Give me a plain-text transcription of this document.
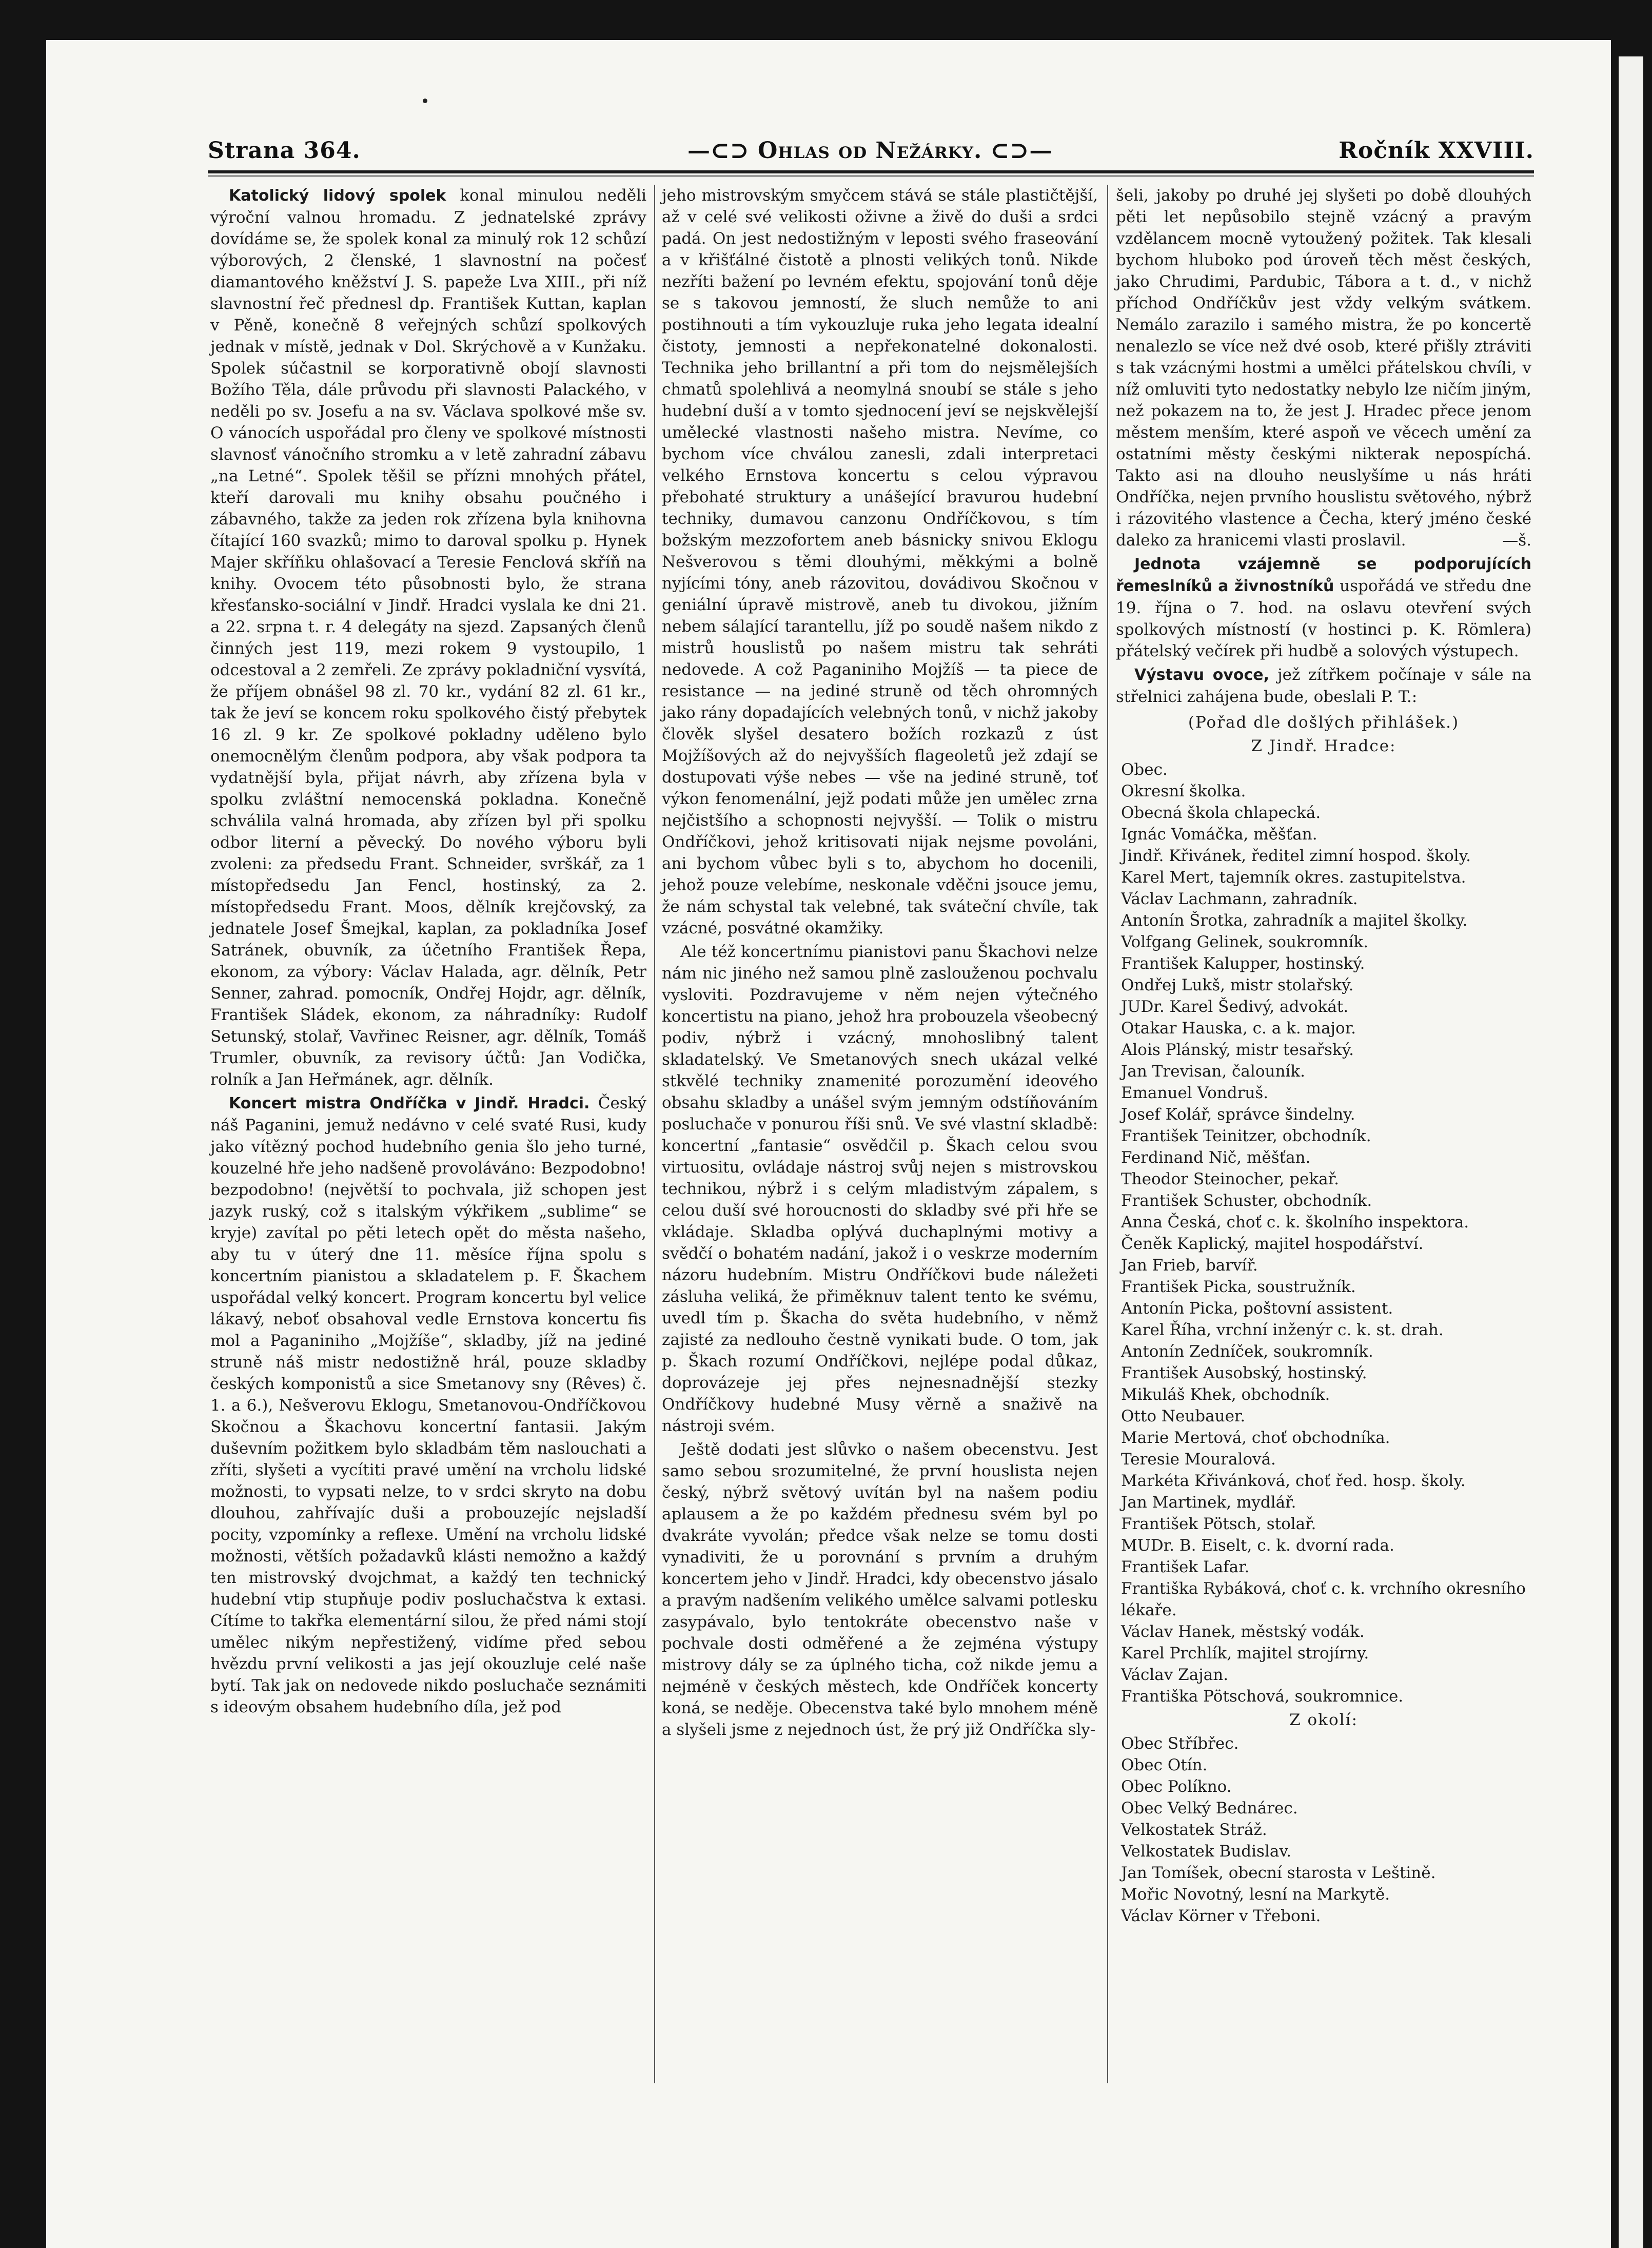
Strana 364.	—⊂⊃ Ohlas od Nežárky. ⊂⊃—	Ročník XXVIII.

Katolický lidový spolek konal minulou neděli výroční valnou hromadu. Z jednatelské zprávy dovídáme se, že spolek konal za minulý rok 12 schůzí výborových, 2 členské, 1 slavnostní na počesť diamantového kněžství J. S. papeže Lva XIII., při níž slavnostní řeč přednesl dp. František Kuttan, kaplan v Pěně, konečně 8 veřejných schůzí spolkových jednak v místě, jednak v Dol. Skrýchově a v Kunžaku. Spolek súčastnil se korporativně obojí slavnosti Božího Těla, dále průvodu při slavnosti Palackého, v neděli po sv. Josefu a na sv. Václava spolkové mše sv. O vánocích uspořádal pro členy ve spolkové místnosti slavnosť vánočního stromku a v letě zahradní zábavu „na Letné“. Spolek těšil se přízni mnohých přátel, kteří darovali mu knihy obsahu poučného i zábavného, takže za jeden rok zřízena byla knihovna čítající 160 svazků; mimo to daroval spolku p. Hynek Majer skříňku ohlašovací a Teresie Fenclová skříň na knihy. Ovocem této působnosti bylo, že strana křesťansko-sociální v Jindř. Hradci vyslala ke dni 21. a 22. srpna t. r. 4 delegáty na sjezd. Zapsaných členů činných jest 119, mezi rokem 9 vystoupilo, 1 odcestoval a 2 zemřeli. Ze zprávy pokladniční vysvítá, že příjem obnášel 98 zl. 70 kr., vydání 82 zl. 61 kr., tak že jeví se koncem roku spolkového čistý přebytek 16 zl. 9 kr. Ze spolkové pokladny uděleno bylo onemocnělým členům podpora, aby však podpora ta vydatnější byla, přijat návrh, aby zřízena byla v spolku zvláštní nemocenská pokladna. Konečně schválila valná hromada, aby zřízen byl při spolku odbor literní a pěvecký. Do nového výboru byli zvoleni: za předsedu Frant. Schneider, svrškář, za 1 místopředsedu Jan Fencl, hostinský, za 2. místopředsedu Frant. Moos, dělník krejčovský, za jednatele Josef Šmejkal, kaplan, za pokladníka Josef Satránek, obuvník, za účetního František Řepa, ekonom, za výbory: Václav Halada, agr. dělník, Petr Senner, zahrad. pomocník, Ondřej Hojdr, agr. dělník, František Sládek, ekonom, za náhradníky: Rudolf Setunský, stolař, Vavřinec Reisner, agr. dělník, Tomáš Trumler, obuvník, za revisory účtů: Jan Vodička, rolník a Jan Heřmánek, agr. dělník.

Koncert mistra Ondříčka v Jindř. Hradci. Český náš Paganini, jemuž nedávno v celé svaté Rusi, kudy jako vítězný pochod hudebního genia šlo jeho turné, kouzelné hře jeho nadšeně provoláváno: Bezpodobno! bezpodobno! (největší to pochvala, již schopen jest jazyk ruský, což s italským výkřikem „sublime“ se kryje) zavítal po pěti letech opět do města našeho, aby tu v úterý dne 11. měsíce října spolu s koncertním pianistou a skladatelem p. F. Škachem uspořádal velký koncert. Program koncertu byl velice lákavý, neboť obsahoval vedle Ernstova koncertu fis mol a Paganiniho „Mojžíše“, skladby, jíž na jediné struně náš mistr nedostižně hrál, pouze skladby českých komponistů a sice Smetanovy sny (Rêves) č. 1. a 6.), Nešverovu Eklogu, Smetanovou-Ondříčkovou Skočnou a Škachovu koncertní fantasii. Jakým duševním požitkem bylo skladbám těm naslouchati a zříti, slyšeti a vycítiti pravé umění na vrcholu lidské možnosti, to vypsati nelze, to v srdci skryto na dobu dlouhou, zahřívajíc duši a probouzejíc nejsladší pocity, vzpomínky a reflexe. Umění na vrcholu lidské možnosti, větších požadavků klásti nemožno a každý ten mistrovský dvojchmat, a každý ten technický hudební vtip stupňuje podiv posluchačstva k extasi. Cítíme to takřka elementární silou, že před námi stojí umělec nikým nepřestižený, vidíme před sebou hvězdu první velikosti a jas její okouzluje celé naše bytí. Tak jak on nedovede nikdo posluchače seznámiti s ideovým obsahem hudebního díla, jež pod

jeho mistrovským smyčcem stává se stále plastičtější, až v celé své velikosti oživne a živě do duši a srdci padá. On jest nedostižným v leposti svého fraseování a v křišťálné čistotě a plnosti velikých tonů. Nikde nezříti bažení po levném efektu, spojování tonů děje se s takovou jemností, že sluch nemůže to ani postihnouti a tím vykouzluje ruka jeho legata idealní čistoty, jemnosti a nepřekonatelné dokonalosti. Technika jeho brillantní a při tom do nejsmělejších chmatů spolehlivá a neomylná snoubí se stále s jeho hudební duší a v tomto sjednocení jeví se nejskvělejší umělecké vlastnosti našeho mistra. Nevíme, co bychom více chválou zanesli, zdali interpretaci velkého Ernstova koncertu s celou výpravou přebohaté struktury a unášející bravurou hudební techniky, dumavou canzonu Ondříčkovou, s tím božským mezzofortem aneb básnicky snivou Eklogu Nešverovou s těmi dlouhými, měkkými a bolně nyjícími tóny, aneb rázovitou, dovádivou Skočnou v geniální úpravě mistrově, aneb tu divokou, jižním nebem sálající tarantellu, jíž po soudě našem nikdo z mistrů houslistů po našem mistru tak sehráti nedovede. A což Paganiniho Mojžíš — ta piece de resistance — na jediné struně od těch ohromných jako rány dopadajících velebných tonů, v nichž jakoby člověk slyšel desatero božích rozkazů z úst Mojžíšových až do nejvyšších flageoletů jež zdají se dostupovati výše nebes — vše na jediné struně, toť výkon fenomenální, jejž podati může jen umělec zrna nejčistšího a schopnosti nejvyšší. — Tolik o mistru Ondříčkovi, jehož kritisovati nijak nejsme povoláni, ani bychom vůbec byli s to, abychom ho docenili, jehož pouze velebíme, neskonale vděčni jsouce jemu, že nám schystal tak velebné, tak sváteční chvíle, tak vzácné, posvátné okamžiky.

Ale též koncertnímu pianistovi panu Škachovi nelze nám nic jiného než samou plně zaslouženou pochvalu vysloviti. Pozdravujeme v něm nejen výtečného koncertistu na piano, jehož hra probouzela všeobecný podiv, nýbrž i vzácný, mnohoslibný talent skladatelský. Ve Smetanových snech ukázal velké stkvělé techniky znamenité porozumění ideového obsahu skladby a unášel svým jemným odstíňováním posluchače v ponurou říši snů. Ve své vlastní skladbě: koncertní „fantasie“ osvědčil p. Škach celou svou virtuositu, ovládaje nástroj svůj nejen s mistrovskou technikou, nýbrž i s celým mladistvým zápalem, s celou duší své horoucnosti do skladby své při hře se vkládaje. Skladba oplývá duchaplnými motivy a svědčí o bohatém nadání, jakož i o veskrze moderním názoru hudebním. Mistru Ondříčkovi bude náležeti zásluha veliká, že přiměknuv talent tento ke svému, uvedl tím p. Škacha do světa hudebního, v němž zajisté za nedlouho čestně vynikati bude. O tom, jak p. Škach rozumí Ondříčkovi, nejlépe podal důkaz, doprovázeje jej přes nejnesnadnější stezky Ondříčkovy hudebné Musy věrně a snaživě na nástroji svém.

Ještě dodati jest slůvko o našem obecenstvu. Jest samo sebou srozumitelné, že první houslista nejen český, nýbrž světový uvítán byl na našem podiu aplausem a že po každém přednesu svém byl po dvakráte vyvolán; předce však nelze se tomu dosti vynadiviti, že u porovnání s prvním a druhým koncertem jeho v Jindř. Hradci, kdy obecenstvo jásalo a pravým nadšením velikého umělce salvami potlesku zasypávalo, bylo tentokráte obecenstvo naše v pochvale dosti odměřené a že zejména výstupy mistrovy dály se za úplného ticha, což nikde jemu a nejméně v českých městech, kde Ondříček koncerty koná, se neděje. Obecenstva také bylo mnohem méně a slyšeli jsme z nejednoch úst, že prý již Ondříčka sly-

šeli, jakoby po druhé jej slyšeti po době dlouhých pěti let nepůsobilo stejně vzácný a pravým vzdělancem mocně vytoužený požitek. Tak klesali bychom hluboko pod úroveň těch měst českých, jako Chrudimi, Pardubic, Tábora a t. d., v nichž příchod Ondříčkův jest vždy velkým svátkem. Nemálo zarazilo i samého mistra, že po koncertě nenalezlo se více než dvé osob, které přišly ztráviti s tak vzácnými hostmi a umělci přátelskou chvíli, v níž omluviti tyto nedostatky nebylo lze ničím jiným, než pokazem na to, že jest J. Hradec přece jenom městem menším, které aspoň ve věcech umění za ostatními městy českými nikterak nepospíchá. Takto asi na dlouho neuslyšíme u nás hráti Ondříčka, nejen prvního houslistu světového, nýbrž i rázovitého vlastence a Čecha, který jméno české daleko za hranicemi vlasti proslavil.	—š.

Jednota vzájemně se podporujících řemeslníků a živnostníků uspořádá ve středu dne 19. října o 7. hod. na oslavu otevření svých spolkových místností (v hostinci p. K. Römlera) přátelský večírek při hudbě a solových výstupech.

Výstavu ovoce, jež zítřkem počínaje v sále na střelnici zahájena bude, obeslali P. T.:

(Pořad dle došlých přihlášek.)

Z Jindř. Hradce:

Obec.
Okresní školka.
Obecná škola chlapecká.
Ignác Vomáčka, měšťan.
Jindř. Křivánek, ředitel zimní hospod. školy.
Karel Mert, tajemník okres. zastupitelstva.
Václav Lachmann, zahradník.
Antonín Šrotka, zahradník a majitel školky.
Volfgang Gelinek, soukromník.
František Kalupper, hostinský.
Ondřej Lukš, mistr stolařský.
JUDr. Karel Šedivý, advokát.
Otakar Hauska, c. a k. major.
Alois Plánský, mistr tesařský.
Jan Trevisan, čalouník.
Emanuel Vondruš.
Josef Kolář, správce šindelny.
František Teinitzer, obchodník.
Ferdinand Nič, měšťan.
Theodor Steinocher, pekař.
František Schuster, obchodník.
Anna Česká, choť c. k. školního inspektora.
Čeněk Kaplický, majitel hospodářství.
Jan Frieb, barvíř.
František Picka, soustružník.
Antonín Picka, poštovní assistent.
Karel Říha, vrchní inženýr c. k. st. drah.
Antonín Zedníček, soukromník.
František Ausobský, hostinský.
Mikuláš Khek, obchodník.
Otto Neubauer.
Marie Mertová, choť obchodníka.
Teresie Mouralová.
Markéta Křivánková, choť řed. hosp. školy.
Jan Martinek, mydlář.
František Pötsch, stolař.
MUDr. B. Eiselt, c. k. dvorní rada.
František Lafar.
Františka Rybáková, choť c. k. vrchního okresního lékaře.
Václav Hanek, městský vodák.
Karel Prchlík, majitel strojírny.
Václav Zajan.
Františka Pötschová, soukromnice.

Z okolí:

Obec Stříbřec.
Obec Otín.
Obec Políkno.
Obec Velký Bednárec.
Velkostatek Stráž.
Velkostatek Budislav.
Jan Tomíšek, obecní starosta v Leštině.
Mořic Novotný, lesní na Markytě.
Václav Körner v Třeboni.
